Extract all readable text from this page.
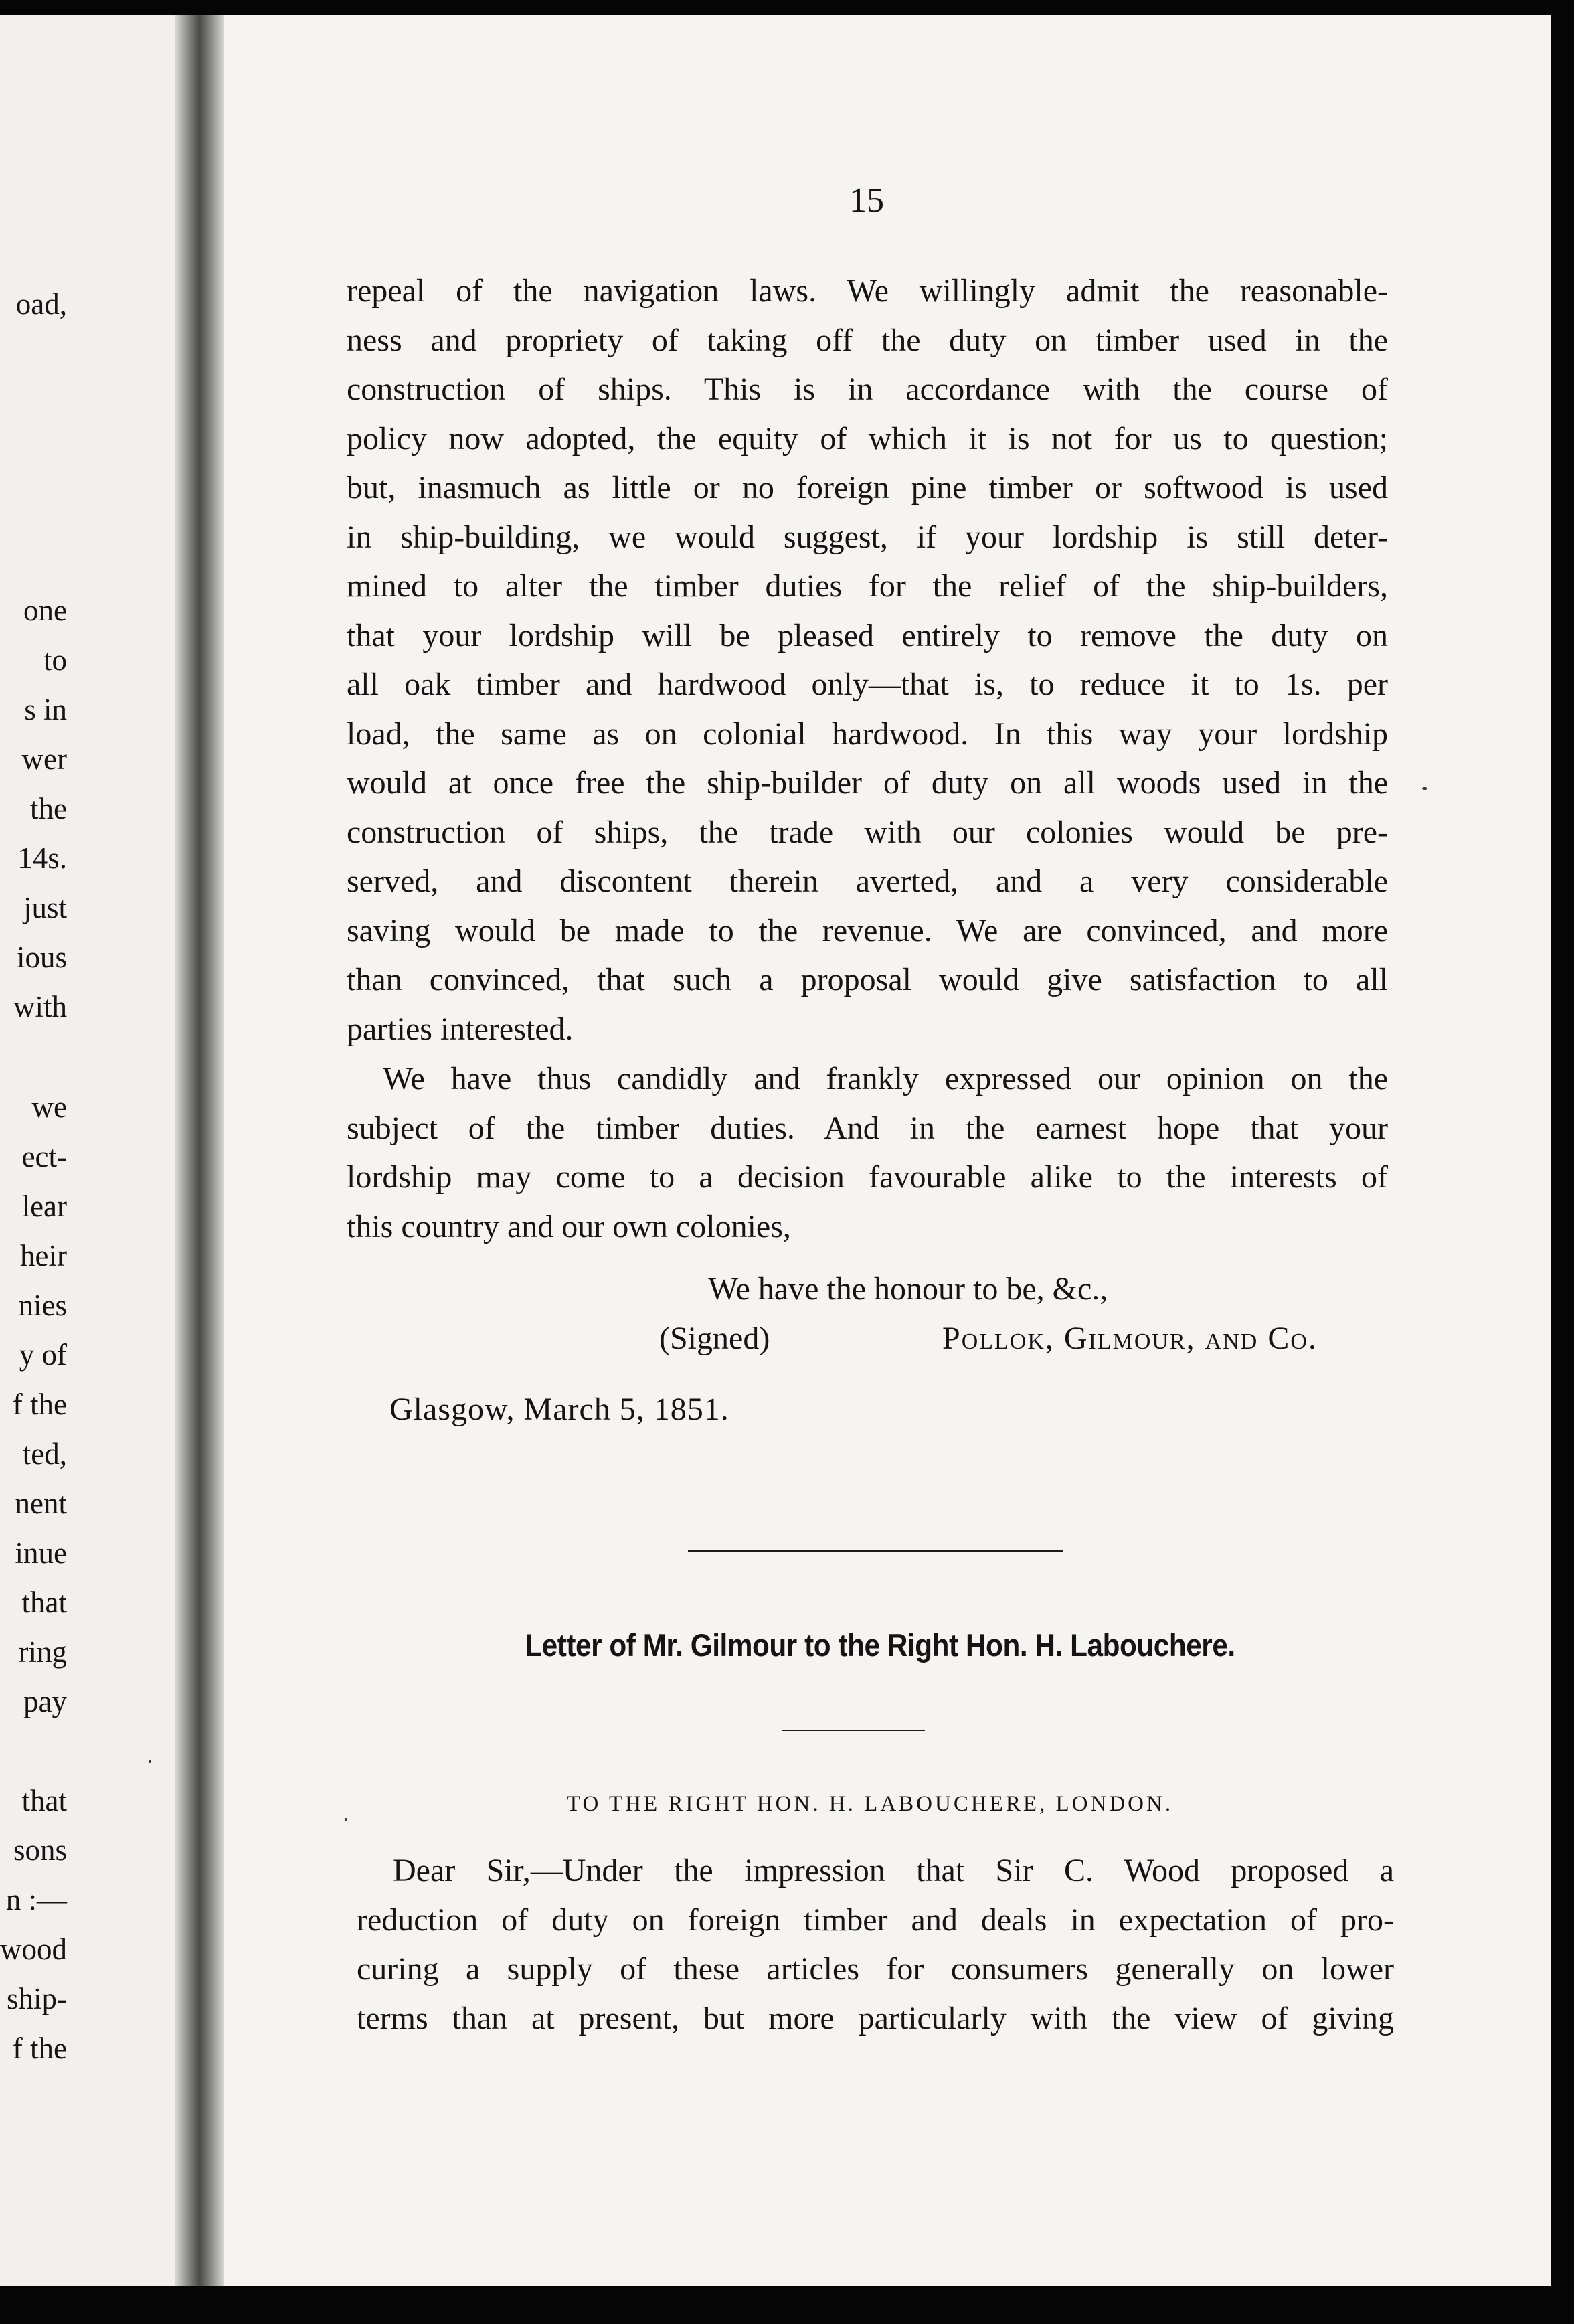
oad,
one
to
s in
wer
the
14s.
just
ious
with
we
ect-
lear
heir
nies
y of
f the
ted,
nent
inue
that
ring
pay
that
sons
n :—
wood
ship-
f the
15
repeal of the navigation laws. We willingly admit the reasonable-
ness and propriety of taking off the duty on timber used in the
construction of ships. This is in accordance with the course of
policy now adopted, the equity of which it is not for us to question;
but, inasmuch as little or no foreign pine timber or softwood is used
in ship-building, we would suggest, if your lordship is still deter-
mined to alter the timber duties for the relief of the ship-builders,
that your lordship will be pleased entirely to remove the duty on
all oak timber and hardwood only—that is, to reduce it to 1s. per
load, the same as on colonial hardwood. In this way your lordship
would at once free the ship-builder of duty on all woods used in the
construction of ships, the trade with our colonies would be pre-
served, and discontent therein averted, and a very considerable
saving would be made to the revenue. We are convinced, and more
than convinced, that such a proposal would give satisfaction to all
parties interested.
We have thus candidly and frankly expressed our opinion on the
subject of the timber duties. And in the earnest hope that your
lordship may come to a decision favourable alike to the interests of
this country and our own colonies,
We have the honour to be, &c.,
(Signed)	Pollok, Gilmour, and Co.
Glasgow, March 5, 1851.
Letter of Mr. Gilmour to the Right Hon. H. Labouchere.
TO THE RIGHT HON. H. LABOUCHERE, LONDON.
Dear Sir,—Under the impression that Sir C. Wood proposed a
reduction of duty on foreign timber and deals in expectation of pro-
curing a supply of these articles for consumers generally on lower
terms than at present, but more particularly with the view of giving
